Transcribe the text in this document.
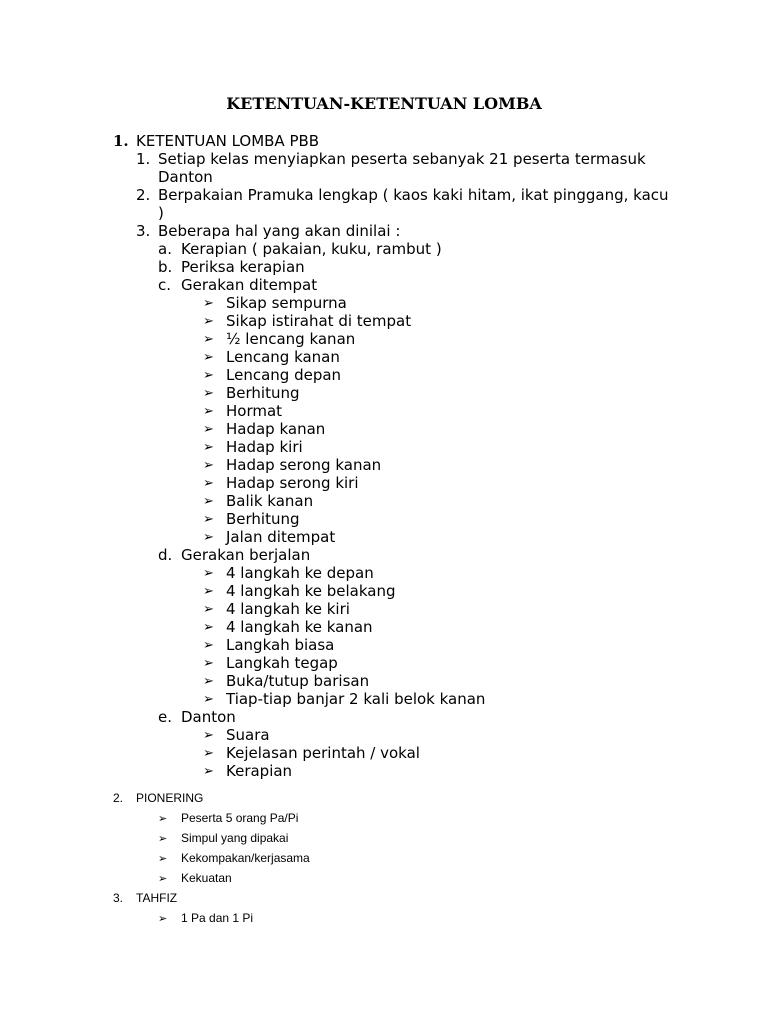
KETENTUAN-KETENTUAN LOMBA
1. KETENTUAN LOMBA PBB
1. Setiap kelas menyiapkan peserta sebanyak 21 peserta termasuk
Danton
2. Berpakaian Pramuka lengkap ( kaos kaki hitam, ikat pinggang, kacu
)
3. Beberapa hal yang akan dinilai :
a. Kerapian ( pakaian, kuku, rambut )
b. Periksa kerapian
c. Gerakan ditempat
➢ Sikap sempurna
➢ Sikap istirahat di tempat
➢ ½ lencang kanan
➢ Lencang kanan
➢ Lencang depan
➢ Berhitung
➢ Hormat
➢ Hadap kanan
➢ Hadap kiri
➢ Hadap serong kanan
➢ Hadap serong kiri
➢ Balik kanan
➢ Berhitung
➢ Jalan ditempat
d. Gerakan berjalan
➢ 4 langkah ke depan
➢ 4 langkah ke belakang
➢ 4 langkah ke kiri
➢ 4 langkah ke kanan
➢ Langkah biasa
➢ Langkah tegap
➢ Buka/tutup barisan
➢ Tiap-tiap banjar 2 kali belok kanan
e. Danton
➢ Suara
➢ Kejelasan perintah / vokal
➢ Kerapian
2. PIONERING
➢ Peserta 5 orang Pa/Pi
➢ Simpul yang dipakai
➢ Kekompakan/kerjasama
➢ Kekuatan
3. TAHFIZ
➢ 1 Pa dan 1 Pi
